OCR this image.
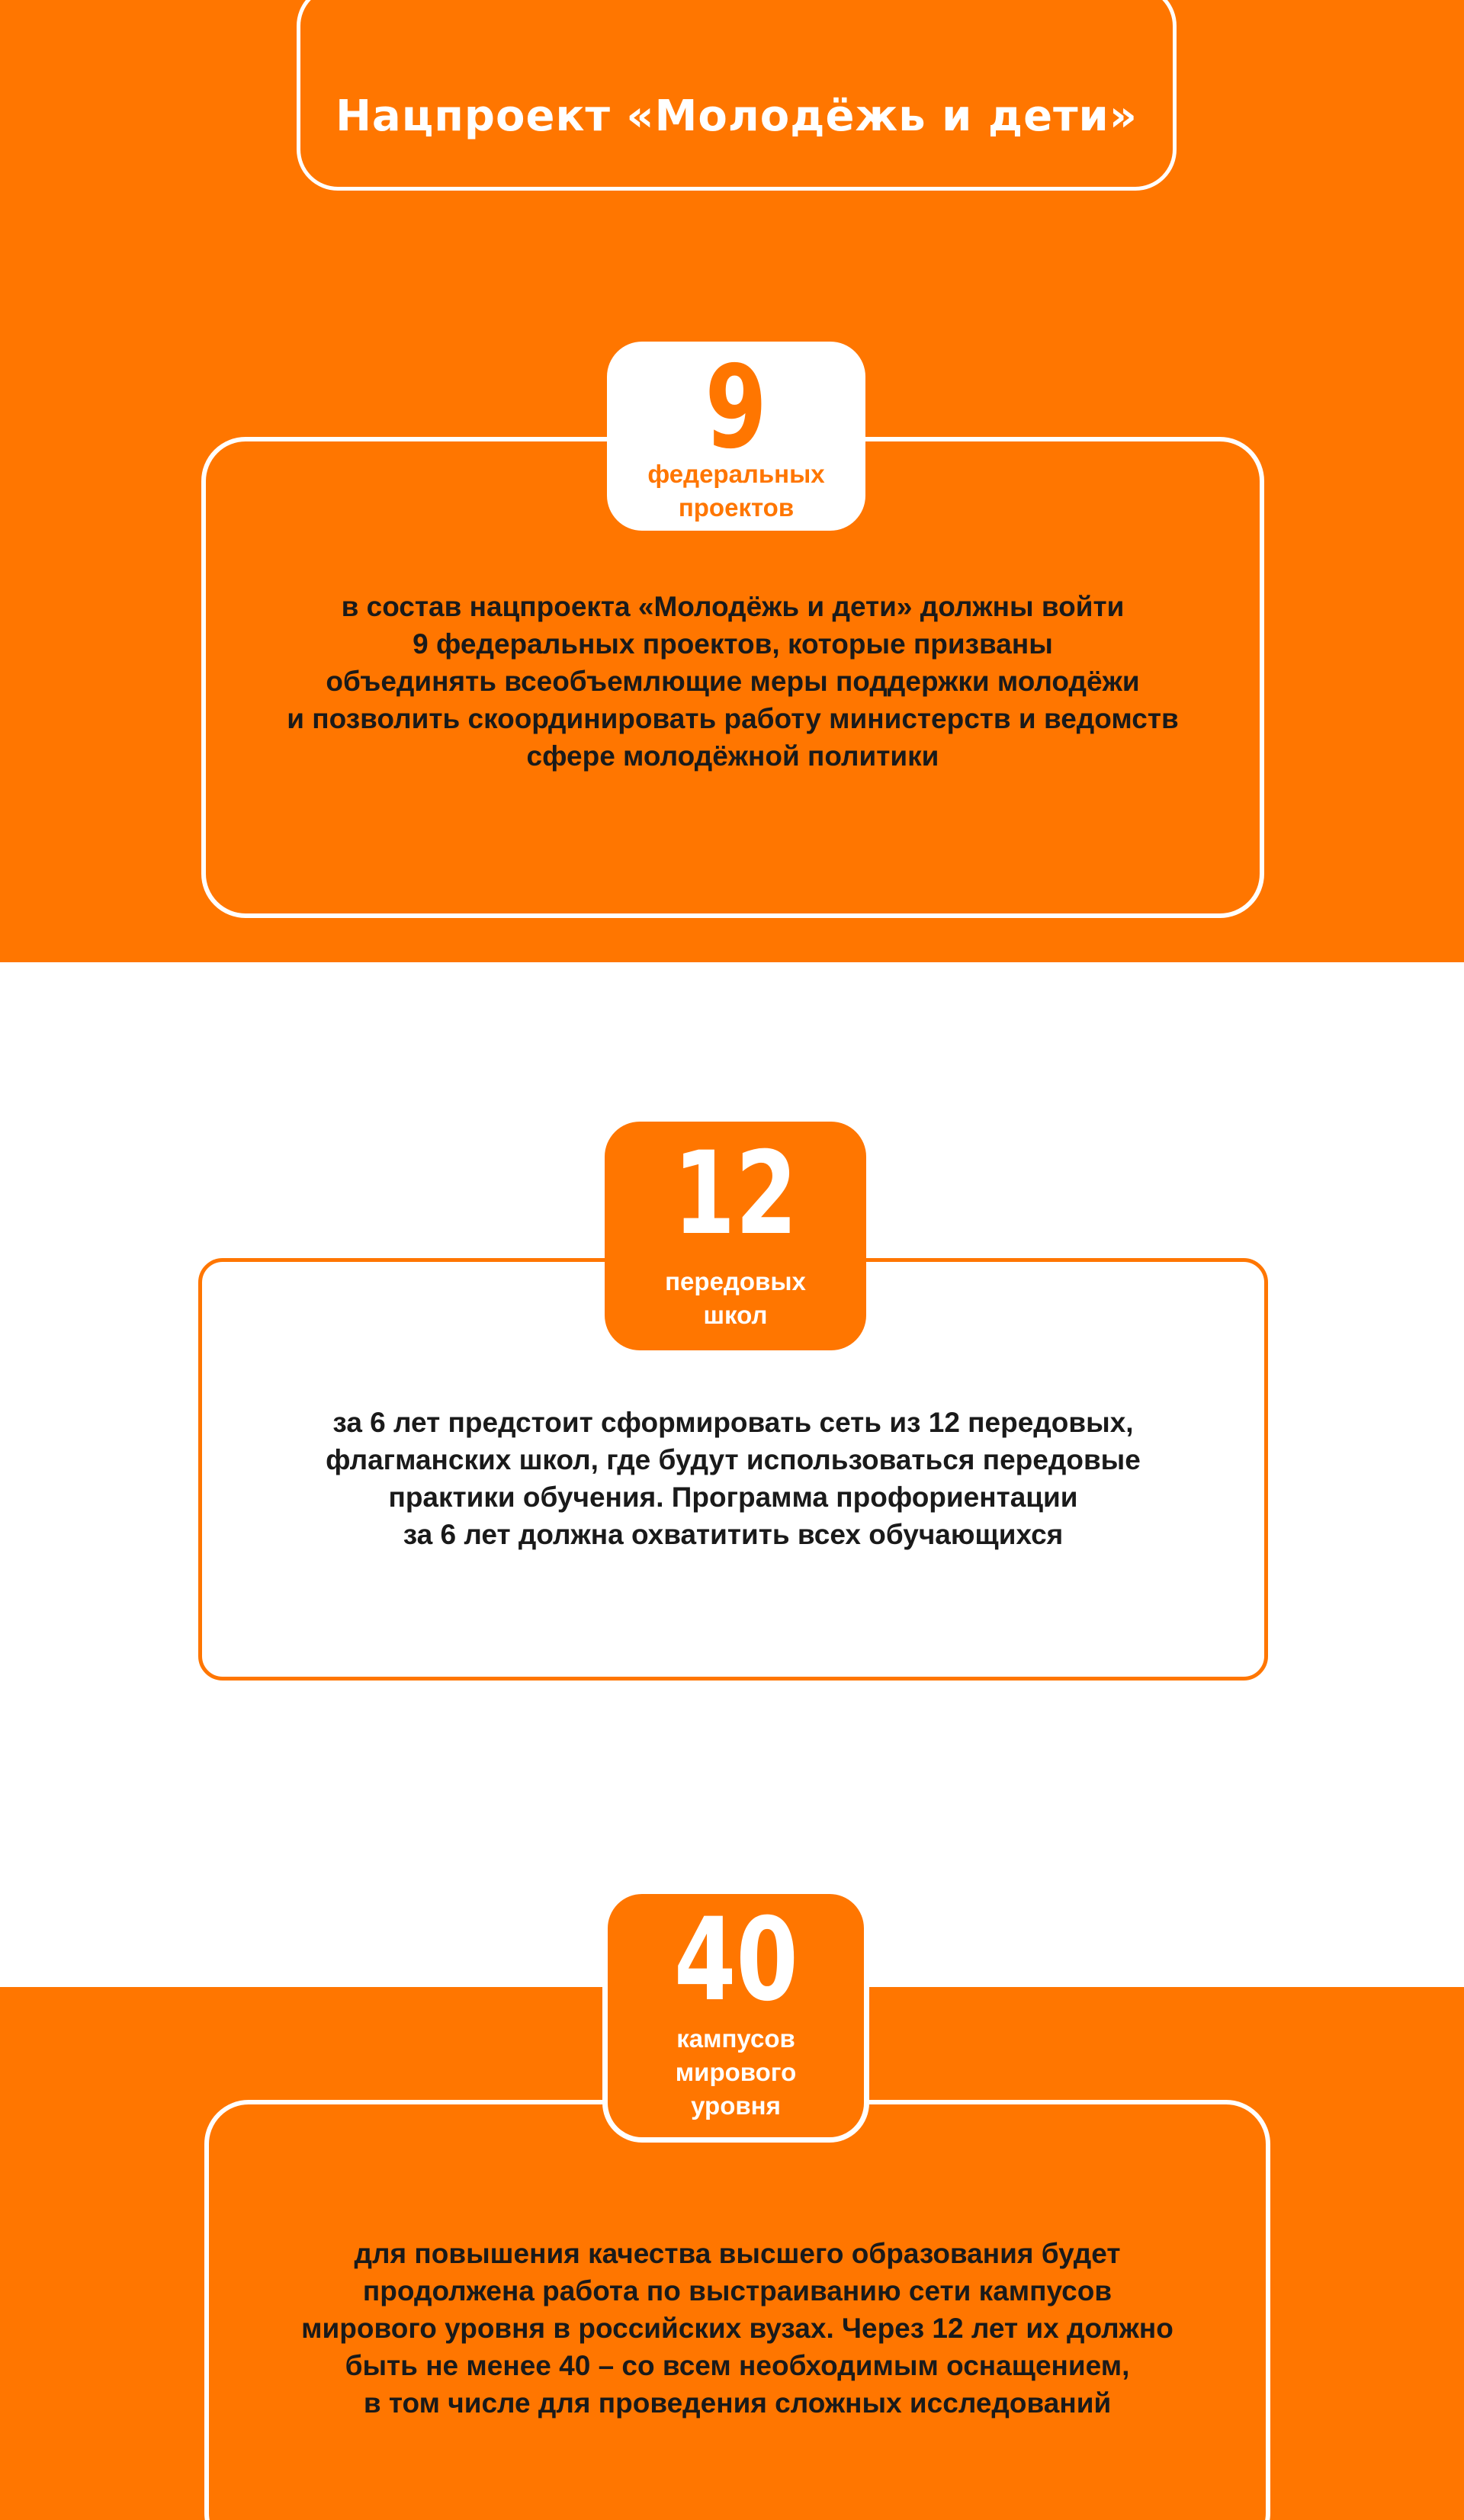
Нацпроект «Молодёжь и дети»

в состав нацпроекта «Молодёжь и дети» должны войти
9 федеральных проектов, которые призваны
объединять всеобъемлющие меры поддержки молодёжи
и позволить скоординировать работу министерств и ведомств
сфере молодёжной политики

9
федеральных
проектов

за 6 лет предстоит сформировать сеть из 12 передовых,
флагманских школ, где будут использоваться передовые
практики обучения. Программа профориентации
за 6 лет должна охватитить всех обучающихся

12
передовых
школ

для повышения качества высшего образования будет
продолжена работа по выстраиванию сети кампусов
мирового уровня в российских вузах. Через 12 лет их должно
быть не менее 40 – со всем необходимым оснащением,
в том числе для проведения сложных исследований

40
кампусов
мирового
уровня
